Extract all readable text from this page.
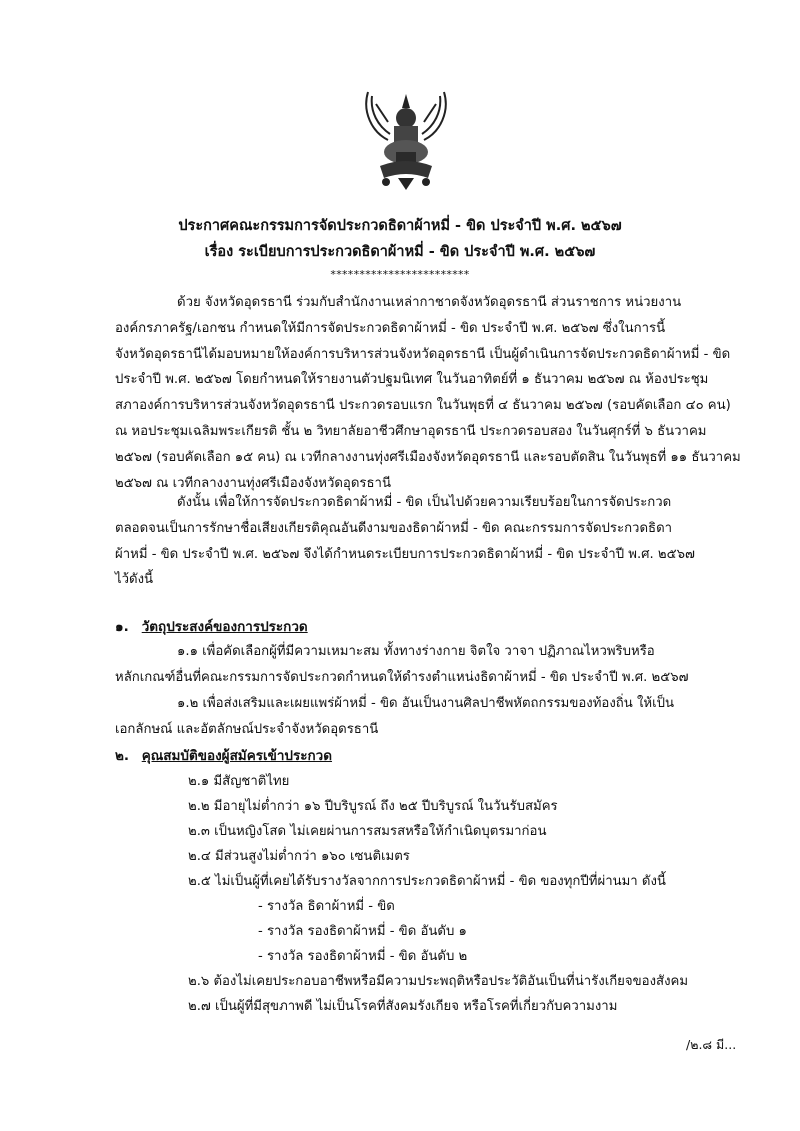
ประกาศคณะกรรมการจัดประกวดธิดาผ้าหมี่ - ขิด ประจำปี พ.ศ. ๒๕๖๗
เรื่อง ระเบียบการประกวดธิดาผ้าหมี่ - ขิด ประจำปี พ.ศ. ๒๕๖๗
************************
ด้วย จังหวัดอุดรธานี ร่วมกับสำนักงานเหล่ากาชาดจังหวัดอุดรธานี ส่วนราชการ หน่วยงาน
องค์กรภาครัฐ/เอกชน กำหนดให้มีการจัดประกวดธิดาผ้าหมี่ - ขิด ประจำปี พ.ศ. ๒๕๖๗ ซึ่งในการนี้
จังหวัดอุดรธานีได้มอบหมายให้องค์การบริหารส่วนจังหวัดอุดรธานี เป็นผู้ดำเนินการจัดประกวดธิดาผ้าหมี่ - ขิด
ประจำปี พ.ศ. ๒๕๖๗ โดยกำหนดให้รายงานตัวปฐมนิเทศ ในวันอาทิตย์ที่ ๑ ธันวาคม ๒๕๖๗ ณ ห้องประชุม
สภาองค์การบริหารส่วนจังหวัดอุดรธานี ประกวดรอบแรก ในวันพุธที่ ๔ ธันวาคม ๒๕๖๗ (รอบคัดเลือก ๔๐ คน)
ณ หอประชุมเฉลิมพระเกียรติ ชั้น ๒ วิทยาลัยอาชีวศึกษาอุดรธานี ประกวดรอบสอง ในวันศุกร์ที่ ๖ ธันวาคม
๒๕๖๗ (รอบคัดเลือก ๑๕ คน) ณ เวทีกลางงานทุ่งศรีเมืองจังหวัดอุดรธานี และรอบตัดสิน ในวันพุธที่ ๑๑ ธันวาคม
๒๕๖๗ ณ เวทีกลางงานทุ่งศรีเมืองจังหวัดอุดรธานี
ดังนั้น เพื่อให้การจัดประกวดธิดาผ้าหมี่ - ขิด เป็นไปด้วยความเรียบร้อยในการจัดประกวด
ตลอดจนเป็นการรักษาชื่อเสียงเกียรติคุณอันดีงามของธิดาผ้าหมี่ - ขิด คณะกรรมการจัดประกวดธิดา
ผ้าหมี่ - ขิด ประจำปี พ.ศ. ๒๕๖๗ จึงได้กำหนดระเบียบการประกวดธิดาผ้าหมี่ - ขิด ประจำปี พ.ศ. ๒๕๖๗
ไว้ดังนี้
๑. วัตถุประสงค์ของการประกวด
๑.๑ เพื่อคัดเลือกผู้ที่มีความเหมาะสม ทั้งทางร่างกาย จิตใจ วาจา ปฏิภาณไหวพริบหรือ
หลักเกณฑ์อื่นที่คณะกรรมการจัดประกวดกำหนดให้ดำรงตำแหน่งธิดาผ้าหมี่ - ขิด ประจำปี พ.ศ. ๒๕๖๗
๑.๒ เพื่อส่งเสริมและเผยแพร่ผ้าหมี่ - ขิด อันเป็นงานศิลปาชีพหัตถกรรมของท้องถิ่น ให้เป็น
เอกลักษณ์ และอัตลักษณ์ประจำจังหวัดอุดรธานี
๒. คุณสมบัติของผู้สมัครเข้าประกวด
๒.๑ มีสัญชาติไทย
๒.๒ มีอายุไม่ต่ำกว่า ๑๖ ปีบริบูรณ์ ถึง ๒๕ ปีบริบูรณ์ ในวันรับสมัคร
๒.๓ เป็นหญิงโสด ไม่เคยผ่านการสมรสหรือให้กำเนิดบุตรมาก่อน
๒.๔ มีส่วนสูงไม่ต่ำกว่า ๑๖๐ เซนติเมตร
๒.๕ ไม่เป็นผู้ที่เคยได้รับรางวัลจากการประกวดธิดาผ้าหมี่ - ขิด ของทุกปีที่ผ่านมา ดังนี้
- รางวัล ธิดาผ้าหมี่ - ขิด
- รางวัล รองธิดาผ้าหมี่ - ขิด อันดับ ๑
- รางวัล รองธิดาผ้าหมี่ - ขิด อันดับ ๒
๒.๖ ต้องไม่เคยประกอบอาชีพหรือมีความประพฤติหรือประวัติอันเป็นที่น่ารังเกียจของสังคม
๒.๗ เป็นผู้ที่มีสุขภาพดี ไม่เป็นโรคที่สังคมรังเกียจ หรือโรคที่เกี่ยวกับความงาม
/๒.๘ มี...
